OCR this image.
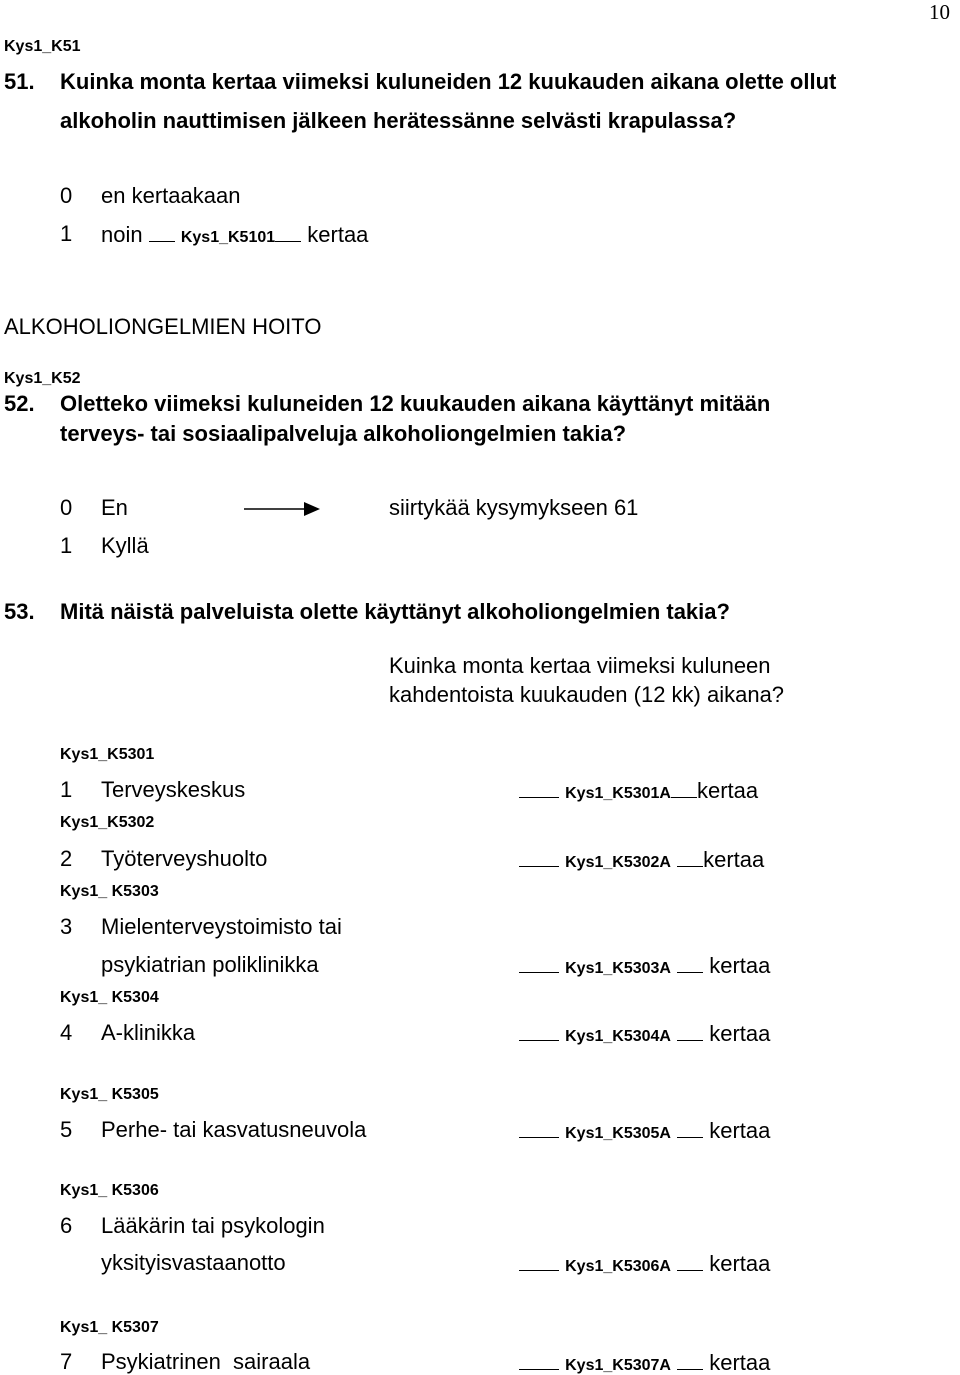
10
Kys1_K51
51. Kuinka monta kertaa viimeksi kuluneiden 12 kuukauden aikana olette ollut
alkoholin nauttimisen jälkeen herätessänne selvästi krapulassa?
0 en kertaakaan
1 noin Kys1_K5101 kertaa
ALKOHOLIONGELMIEN HOITO
Kys1_K52
52. Oletteko viimeksi kuluneiden 12 kuukauden aikana käyttänyt mitään
terveys- tai sosiaalipalveluja alkoholiongelmien takia?
0 En	siirtykää kysymykseen 61
1 Kyllä
53. Mitä näistä palveluista olette käyttänyt alkoholiongelmien takia?
Kuinka monta kertaa viimeksi kuluneen
kahdentoista kuukauden (12 kk) aikana?
Kys1_K5301
1 Terveyskeskus	Kys1_K5301A kertaa
Kys1_K5302
2 Työterveyshuolto	Kys1_K5302A kertaa
Kys1_ K5303
3 Mielenterveystoimisto tai
psykiatrian poliklinikka	Kys1_K5303A kertaa
Kys1_ K5304
4 A-klinikka	Kys1_K5304A kertaa
Kys1_ K5305
5 Perhe- tai kasvatusneuvola	Kys1_K5305A kertaa
Kys1_ K5306
6 Lääkärin tai psykologin
yksityisvastaanotto	Kys1_K5306A kertaa
Kys1_ K5307
7 Psykiatrinen  sairaala	Kys1_K5307A kertaa
